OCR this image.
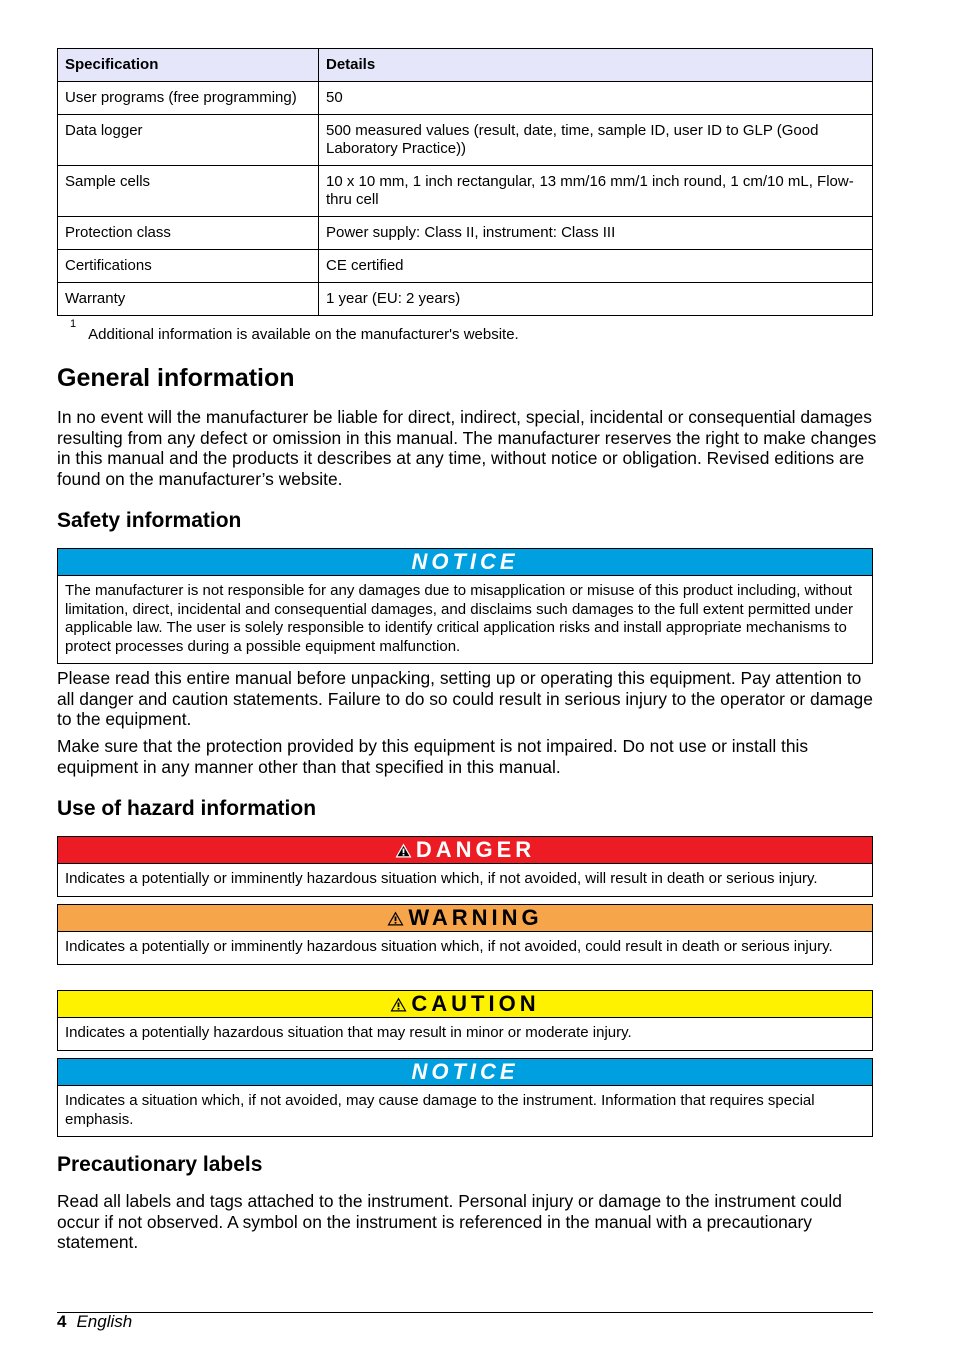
Specification	Details
User programs (free programming)	50
Data logger	500 measured values (result, date, time, sample ID, user ID to GLP (Good Laboratory Practice))
Sample cells	10 x 10 mm, 1 inch rectangular, 13 mm/16 mm/1 inch round, 1 cm/10 mL, Flow-thru cell
Protection class	Power supply: Class II, instrument: Class III
Certifications	CE certified
Warranty	1 year (EU: 2 years)
$^1$Additional information is available on the manufacturer's website.
General information

In no event will the manufacturer be liable for direct, indirect, special, incidental or consequential damages resulting from any defect or omission in this manual. The manufacturer reserves the right to make changes in this manual and the products it describes at any time, without notice or obligation. Revised editions are found on the manufacturer’s website.

Safety information
NOTICE
The manufacturer is not responsible for any damages due to misapplication or misuse of this product including, without limitation, direct, incidental and consequential damages, and disclaims such damages to the full extent permitted under applicable law. The user is solely responsible to identify critical application risks and install appropriate mechanisms to protect processes during a possible equipment malfunction.

Please read this entire manual before unpacking, setting up or operating this equipment. Pay attention to all danger and caution statements. Failure to do so could result in serious injury to the operator or damage to the equipment.

Make sure that the protection provided by this equipment is not impaired. Do not use or install this equipment in any manner other than that specified in this manual.

Use of hazard information
DANGER
Indicates a potentially or imminently hazardous situation which, if not avoided, will result in death or serious injury.
WARNING
Indicates a potentially or imminently hazardous situation which, if not avoided, could result in death or serious injury.
CAUTION
Indicates a potentially hazardous situation that may result in minor or moderate injury.
NOTICE
Indicates a situation which, if not avoided, may cause damage to the instrument. Information that requires special emphasis.
Precautionary labels

Read all labels and tags attached to the instrument. Personal injury or damage to the instrument could occur if not observed. A symbol on the instrument is referenced in the manual with a precautionary statement.

4 English
